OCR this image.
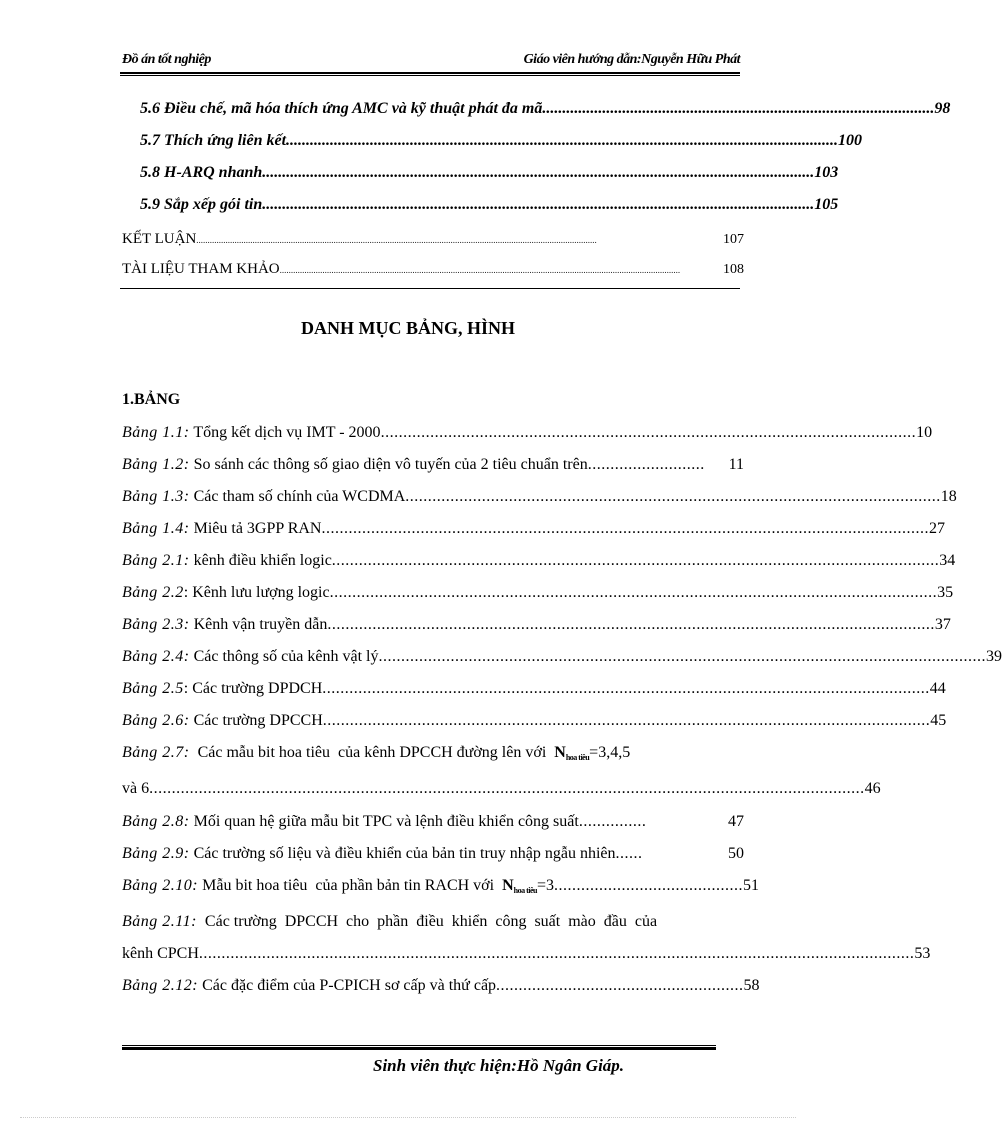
Đồ án tốt nghiệp	Giáo viên hướng dẫn:Nguyễn Hữu Phát
5.6 Điều chế, mã hóa thích ứng AMC và kỹ thuật phát đa mã .................................................................................................. 98
5.7 Thích ứng liên kết .......................................................................................................................................... 100
5.8 H-ARQ nhanh .......................................................................................................................................... 103
5.9 Sắp xếp gói tin .......................................................................................................................................... 105
KẾT LUẬN ..................................................................................................................................................................................	107
TÀI LIỆU THAM KHẢO ..................................................................................................................................................................................	108
DANH MỤC BẢNG, HÌNH
1.BẢNG
Bảng 1.1: Tổng kết dịch vụ IMT - 2000 ....................................................................................................................... 10
Bảng 1.2: So sánh các thông số giao diện vô tuyến của 2 tiêu chuẩn trên ..........................	11
Bảng 1.3: Các tham số chính của WCDMA ....................................................................................................................... 18
Bảng 1.4: Miêu tả 3GPP RAN ....................................................................................................................................... 27
Bảng 2.1: kênh điều khiển logic ....................................................................................................................................... 34
Bảng 2.2: Kênh lưu lượng logic ....................................................................................................................................... 35
Bảng 2.3: Kênh vận truyền dẫn ....................................................................................................................................... 37
Bảng 2.4: Các thông số của kênh vật lý ....................................................................................................................................... 39
Bảng 2.5: Các trường DPDCH ....................................................................................................................................... 44
Bảng 2.6: Các trường DPCCH ....................................................................................................................................... 45
Bảng 2.7:  Các mẫu bit hoa tiêu  của kênh DPCCH đường lên với  Nhoa tiêu=3,4,5
và 6 ............................................................................................................................................................... 46
Bảng 2.8: Mối quan hệ giữa mẫu bit TPC và lệnh điều khiển công suất ...............	47
Bảng 2.9: Các trường số liệu và điều khiển của bản tin truy nhập ngẫu nhiên ......	50
Bảng 2.10: Mẫu bit hoa tiêu  của phần bản tin RACH với  Nhoa tiêu=3 .......................................... 51
Bảng 2.11:  Các trường  DPCCH  cho  phần  điều  khiển  công  suất  mào  đầu  của
kênh CPCH ............................................................................................................................................................... 53
Bảng 2.12: Các đặc điểm của P-CPICH sơ cấp và thứ cấp ....................................................... 58
Sinh viên thực hiện:Hồ Ngân Giáp.
